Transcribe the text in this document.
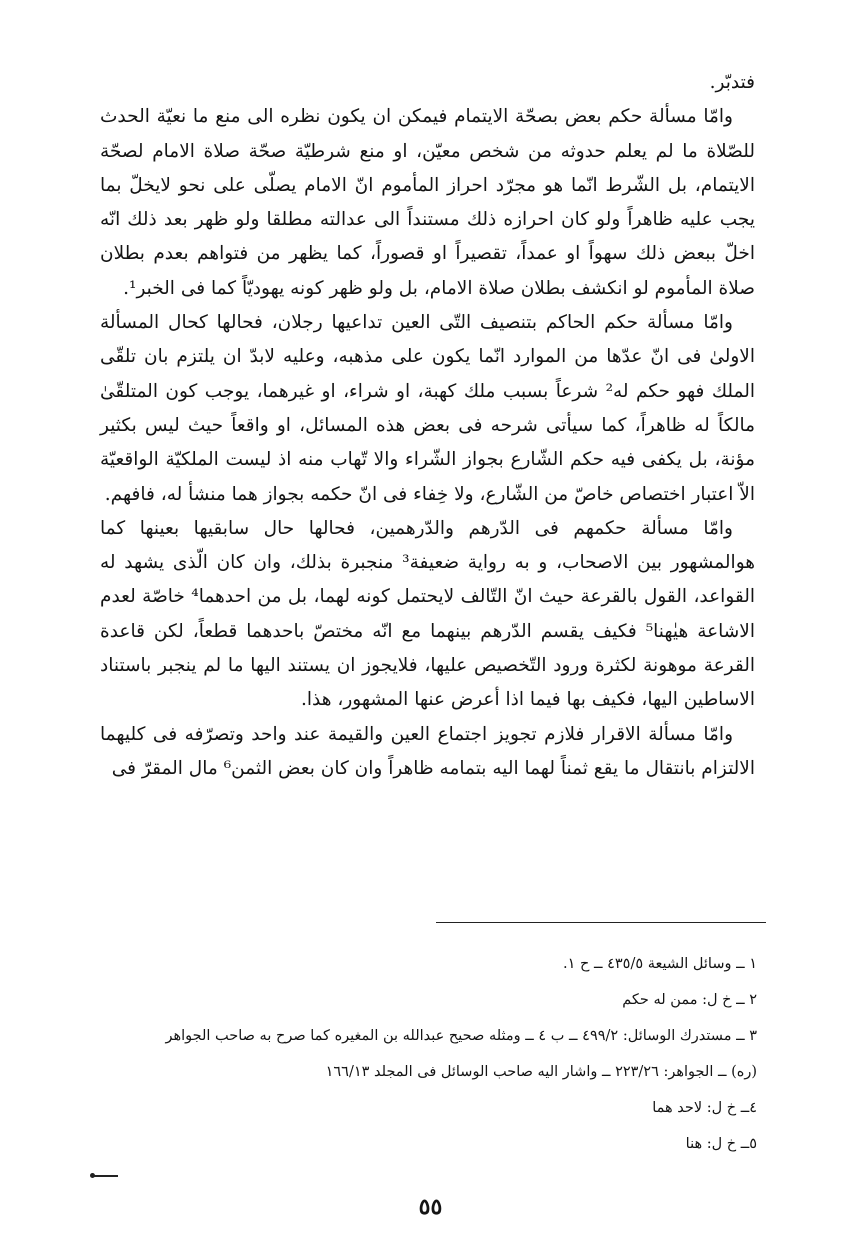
فتدبّر.

وامّا مسألة حكم بعض بصحّة الايتمام فيمكن ان يكون نظره الى منع ما نعيّة الحدث للصّلاة ما لم يعلم حدوثه من شخص معيّن، او منع شرطيّة صحّة صلاة الامام لصحّة الايتمام، بل الشّرط انّما هو مجرّد احراز المأموم انّ الامام يصلّى على نحو لايخلّ بما يجب عليه ظاهراً ولو كان احرازه ذلك مستنداً الى عدالته مطلقا ولو ظهر بعد ذلك انّه اخلّ ببعض ذلك سهواً او عمداً، تقصيراً او قصوراً، كما يظهر من فتواهم بعدم بطلان صلاة المأموم لو انكشف بطلان صلاة الامام، بل ولو ظهر كونه يهوديّاً كما فى الخبر¹.

وامّا مسألة حكم الحاكم بتنصيف التّى العين تداعيها رجلان، فحالها كحال المسألة الاولىٰ فى انّ عدّها من الموارد انّما يكون على مذهبه، وعليه لابدّ ان يلتزم بان تلقّى الملك فهو حكم له² شرعاً بسبب ملك كهبة، او شراء، او غيرهما، يوجب كون المتلقّىٰ مالكاً له ظاهراً، كما سيأتى شرحه فى بعض هذه المسائل، او واقعاً حيث ليس بكثير مؤنة، بل يكفى فيه حكم الشّارع بجواز الشّراء والا تّهاب منه اذ ليست الملكيّة الواقعيّة الاّ اعتبار اختصاص خاصّ من الشّارع، ولا خِفاء فى انّ حكمه بجواز هما منشأ له، فافهم.

وامّا مسألة حكمهم فى الدّرهم والدّرهمين، فحالها حال سابقيها بعينها كما هوالمشهور بين الاصحاب، و به رواية ضعيفة³ منجبرة بذلك، وان كان الّذى يشهد له القواعد، القول بالقرعة حيث انّ التّالف لايحتمل كونه لهما، بل من احدهما⁴ خاصّة لعدم الاشاعة هيٰهنا⁵ فكيف يقسم الدّرهم بينهما مع انّه مختصّ باحدهما قطعاً، لكن قاعدة القرعة موهونة لكثرة ورود التّخصيص عليها، فلايجوز ان يستند اليها ما لم ينجبر باستناد الاساطين اليها، فكيف بها فيما اذا أعرض عنها المشهور، هذا.

وامّا مسألة الاقرار فلازم تجويز اجتماع العين والقيمة عند واحد وتصرّفه فى كليهما الالتزام بانتقال ما يقع ثمناً لهما اليه بتمامه ظاهراً وان كان بعض الثمن⁶ مال المقرّ فى

١ ــ وسائل الشيعة ٤٣٥/٥ ــ ح ١.

٢ ــ خ ل: ممن له حكم

٣ ــ مستدرك الوسائل: ٤٩٩/٢ ــ ب ٤ ــ ومثله صحيح عبدالله بن المغيره كما صرح به صاحب الجواهر

(ره) ــ الجواهر: ٢٢٣/٢٦ ــ واشار اليه صاحب الوسائل فى المجلد ١٦٦/١٣

٤ــ خ ل: لاحد هما

٥ــ خ ل: هنا

٥٥
